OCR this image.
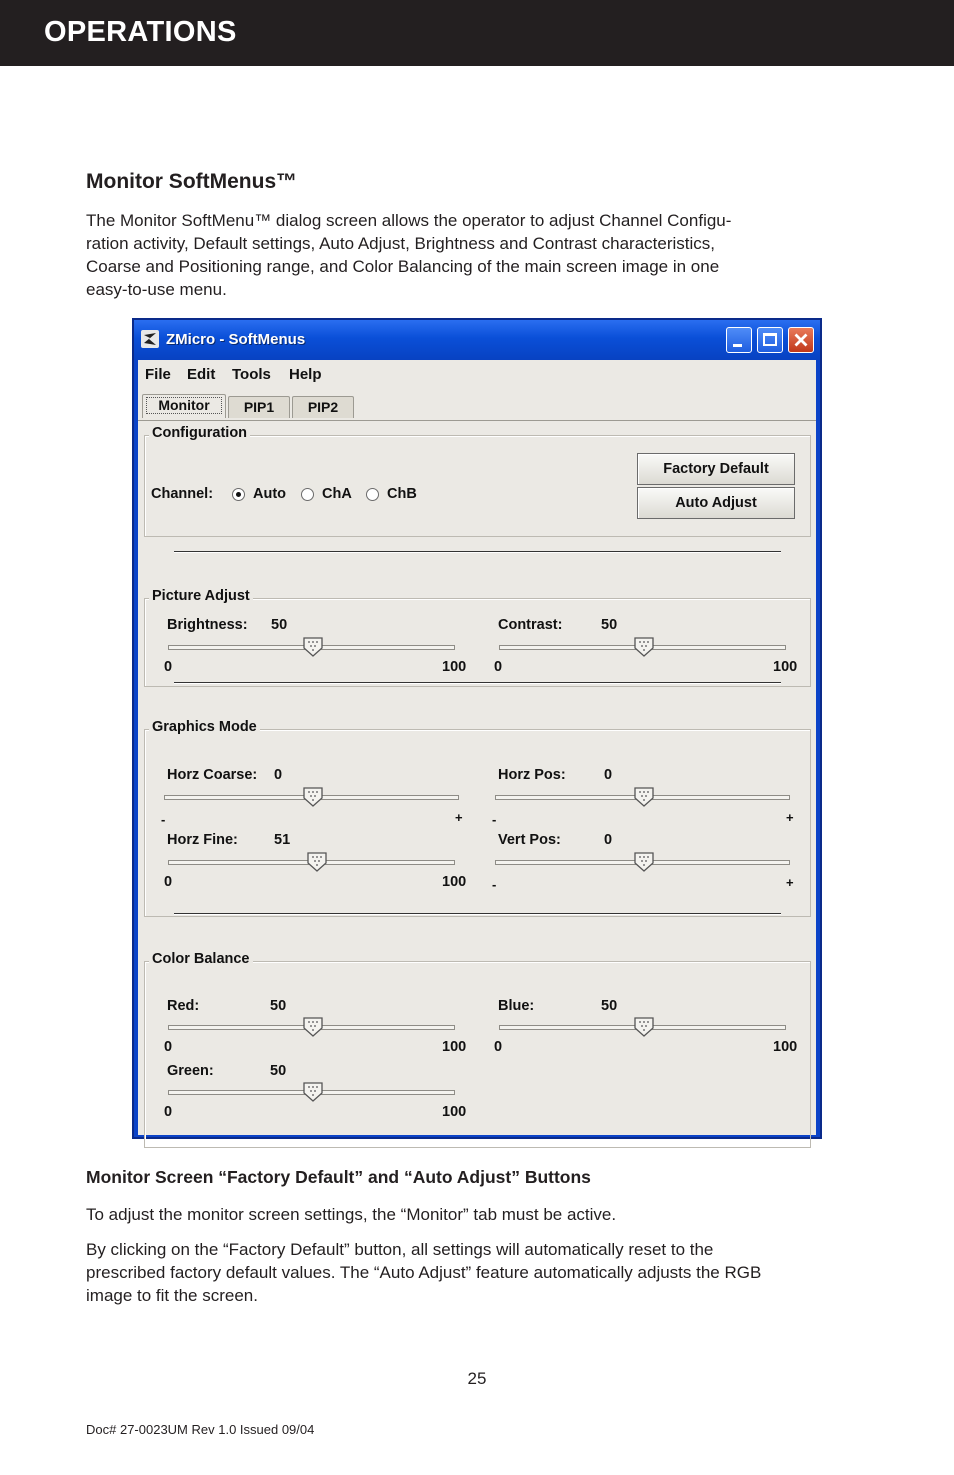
OPERATIONS
Monitor SoftMenus™

The Monitor SoftMenu™ dialog screen allows the operator to adjust Channel Configu-
ration activity, Default settings, Auto Adjust, Brightness and Contrast characteristics,
Coarse and Positioning range, and Color Balancing of the main screen image in one
easy-to-use menu.

ZMicro - SoftMenus
File Edit Tools Help
Monitor	PIP1	PIP2
Configuration
Channel:	Auto ChA ChB
Factory Default
Auto Adjust
Picture Adjust
Brightness: 50
0	100
Contrast:	50
0	100
Graphics Mode
Horz Coarse: 0
-	+
Horz Pos:	0
-	+
Horz Fine: 51
0	100
Vert Pos:	0
-	+
Color Balance
Red:	50
0	100
Blue:	50
0	100
Green:	50
0	100
Monitor Screen “Factory Default” and “Auto Adjust” Buttons

To adjust the monitor screen settings, the “Monitor” tab must be active.

By clicking on the “Factory Default” button, all settings will automatically reset to the
prescribed factory default values. The “Auto Adjust” feature automatically adjusts the RGB
image to fit the screen.

25
Doc# 27-0023UM Rev 1.0 Issued 09/04
